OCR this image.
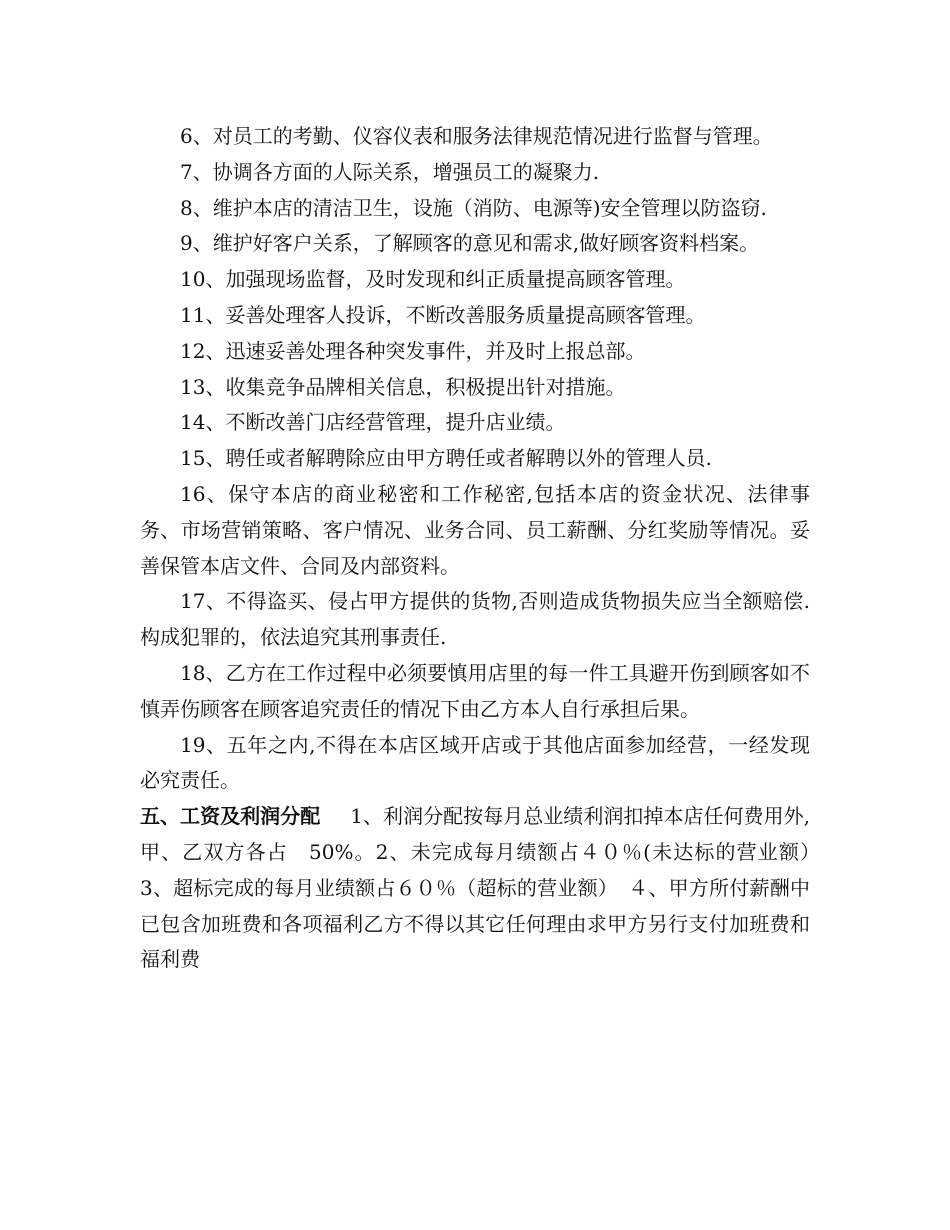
6、对员工的考勤、仪容仪表和服务法律规范情况进行监督与管理。

7、协调各方面的人际关系，增强员工的凝聚力.

8、维护本店的清洁卫生，设施（消防、电源等)安全管理以防盗窃.

9、维护好客户关系，了解顾客的意见和需求,做好顾客资料档案。

10、加强现场监督，及时发现和纠正质量提高顾客管理。

11、妥善处理客人投诉，不断改善服务质量提高顾客管理。

12、迅速妥善处理各种突发事件，并及时上报总部。

13、收集竞争品牌相关信息，积极提出针对措施。

14、不断改善门店经营管理，提升店业绩。

15、聘任或者解聘除应由甲方聘任或者解聘以外的管理人员.

16、保守本店的商业秘密和工作秘密,包括本店的资金状况、法律事务、市场营销策略、客户情况、业务合同、员工薪酬、分红奖励等情况。妥善保管本店文件、合同及内部资料。

17、不得盗买、侵占甲方提供的货物,否则造成货物损失应当全额赔偿.构成犯罪的，依法追究其刑事责任.

18、乙方在工作过程中必须要慎用店里的每一件工具避开伤到顾客如不慎弄伤顾客在顾客追究责任的情况下由乙方本人自行承担后果。

19、五年之内,不得在本店区域开店或于其他店面参加经营，一经发现必究责任。

五、工资及利润分配 1、利润分配按每月总业绩利润扣掉本店任何费用外,甲、乙双方各占　50%。2、未完成每月绩额占４０％(未达标的营业额）　　3、超标完成的每月业绩额占６０％（超标的营业额）　４、甲方所付薪酬中已包含加班费和各项福利乙方不得以其它任何理由求甲方另行支付加班费和福利费
